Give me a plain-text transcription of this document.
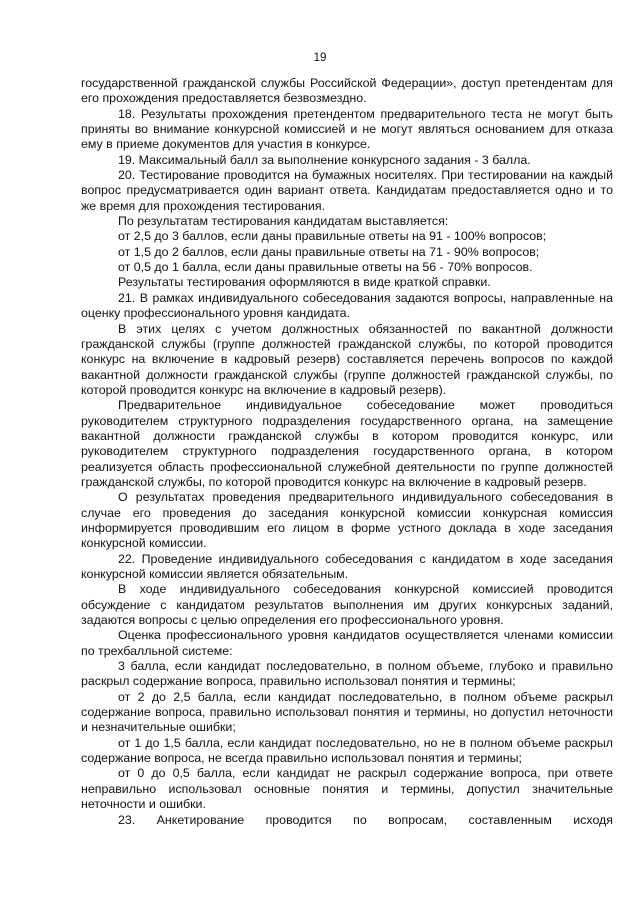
19

государственной гражданской службы Российской Федерации», доступ претендентам для его прохождения предоставляется безвозмездно.

18. Результаты прохождения претендентом предварительного теста не могут быть приняты во внимание конкурсной комиссией и не могут являться основанием для отказа ему в приеме документов для участия в конкурсе.

19. Максимальный балл за выполнение конкурсного задания - 3 балла.

20. Тестирование проводится на бумажных носителях. При тестировании на каждый вопрос предусматривается один вариант ответа. Кандидатам предоставляется одно и то же время для прохождения тестирования.

По результатам тестирования кандидатам выставляется:

от 2,5 до 3 баллов, если даны правильные ответы на 91 - 100% вопросов;

от 1,5 до 2 баллов, если даны правильные ответы на 71 - 90% вопросов;

от 0,5 до 1 балла, если даны правильные ответы на 56 - 70% вопросов.

Результаты тестирования оформляются в виде краткой справки.

21. В рамках индивидуального собеседования задаются вопросы, направленные на оценку профессионального уровня кандидата.

В этих целях с учетом должностных обязанностей по вакантной должности гражданской службы (группе должностей гражданской службы, по которой проводится конкурс на включение в кадровый резерв) составляется перечень вопросов по каждой вакантной должности гражданской службы (группе должностей гражданской службы, по которой проводится конкурс на включение в кадровый резерв).

Предварительное индивидуальное собеседование может проводиться руководителем структурного подразделения государственного органа, на замещение вакантной должности гражданской службы в котором проводится конкурс, или руководителем структурного подразделения государственного органа, в котором реализуется область профессиональной служебной деятельности по группе должностей гражданской службы, по которой проводится конкурс на включение в кадровый резерв.

О результатах проведения предварительного индивидуального собеседования в случае его проведения до заседания конкурсной комиссии конкурсная комиссия информируется проводившим его лицом в форме устного доклада в ходе заседания конкурсной комиссии.

22. Проведение индивидуального собеседования с кандидатом в ходе заседания конкурсной комиссии является обязательным.

В ходе индивидуального собеседования конкурсной комиссией проводится обсуждение с кандидатом результатов выполнения им других конкурсных заданий, задаются вопросы с целью определения его профессионального уровня.

Оценка профессионального уровня кандидатов осуществляется членами комиссии по трехбалльной системе:

3 балла, если кандидат последовательно, в полном объеме, глубоко и правильно раскрыл содержание вопроса, правильно использовал понятия и термины;

от 2 до 2,5 балла, если кандидат последовательно, в полном объеме раскрыл содержание вопроса, правильно использовал понятия и термины, но допустил неточности и незначительные ошибки;

от 1 до 1,5 балла, если кандидат последовательно, но не в полном объеме раскрыл содержание вопроса, не всегда правильно использовал понятия и термины;

от 0 до 0,5 балла, если кандидат не раскрыл содержание вопроса, при ответе неправильно использовал основные понятия и термины, допустил значительные неточности и ошибки.

23. Анкетирование проводится по вопросам, составленным исходя
